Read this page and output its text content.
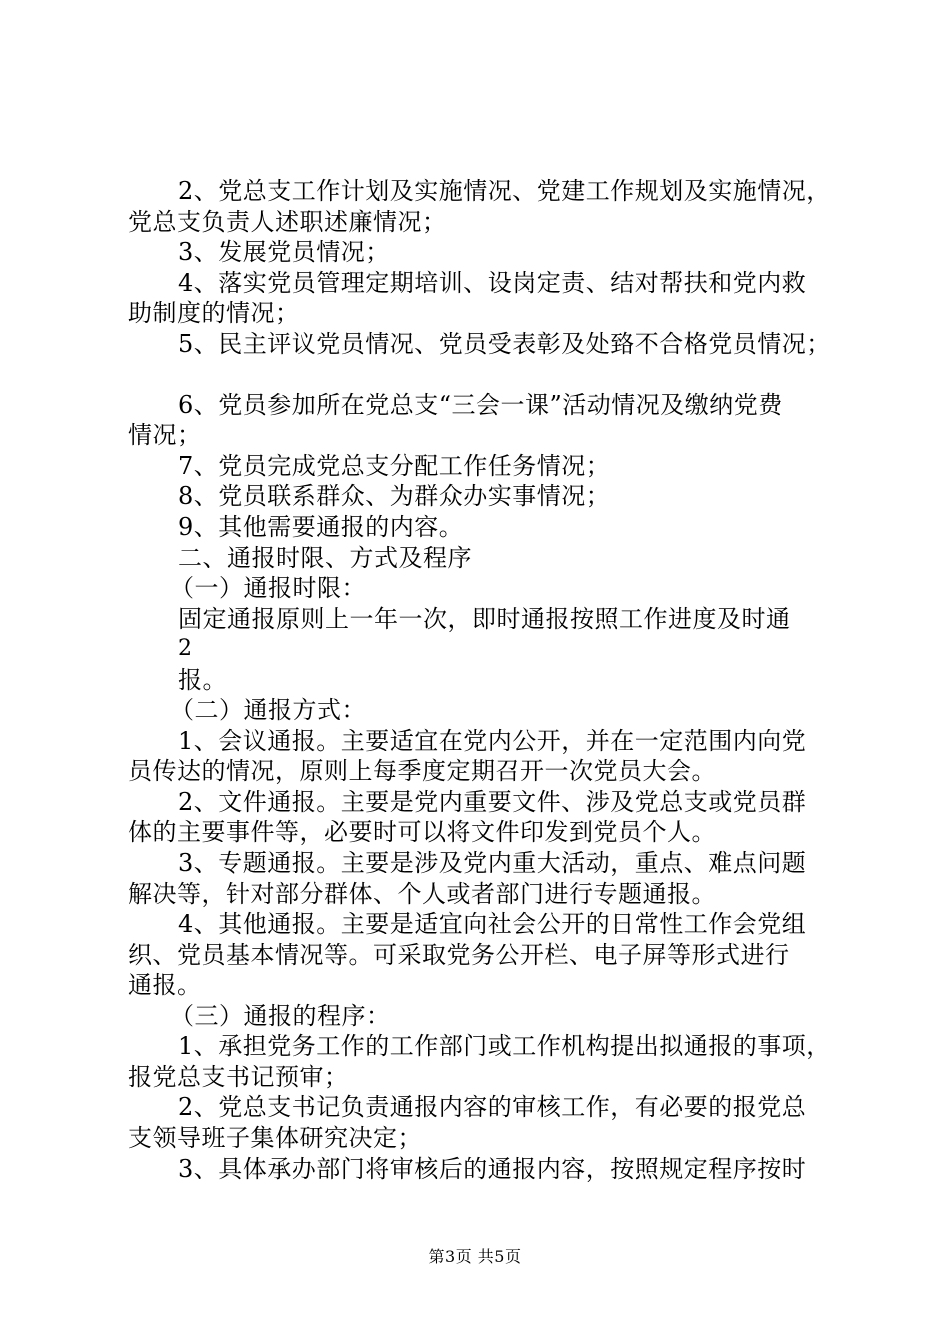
2、党总支工作计划及实施情况、党建工作规划及实施情况，
党总支负责人述职述廉情况；
3、发展党员情况；
4、落实党员管理定期培训、设岗定责、结对帮扶和党内救
助制度的情况；
5、民主评议党员情况、党员受表彰及处臵不合格党员情况；
6、党员参加所在党总支“三会一课”活动情况及缴纳党费
情况；
7、党员完成党总支分配工作任务情况；
8、党员联系群众、为群众办实事情况；
9、其他需要通报的内容。
二、通报时限、方式及程序
（一）通报时限：
固定通报原则上一年一次，即时通报按照工作进度及时通
2
报。
（二）通报方式：
1、会议通报。主要适宜在党内公开，并在一定范围内向党
员传达的情况，原则上每季度定期召开一次党员大会。
2、文件通报。主要是党内重要文件、涉及党总支或党员群
体的主要事件等，必要时可以将文件印发到党员个人。
3、专题通报。主要是涉及党内重大活动，重点、难点问题
解决等，针对部分群体、个人或者部门进行专题通报。
4、其他通报。主要是适宜向社会公开的日常性工作会党组
织、党员基本情况等。可采取党务公开栏、电子屏等形式进行
通报。
（三）通报的程序：
1、承担党务工作的工作部门或工作机构提出拟通报的事项，
报党总支书记预审；
2、党总支书记负责通报内容的审核工作，有必要的报党总
支领导班子集体研究决定；
3、具体承办部门将审核后的通报内容，按照规定程序按时
第3页 共5页
